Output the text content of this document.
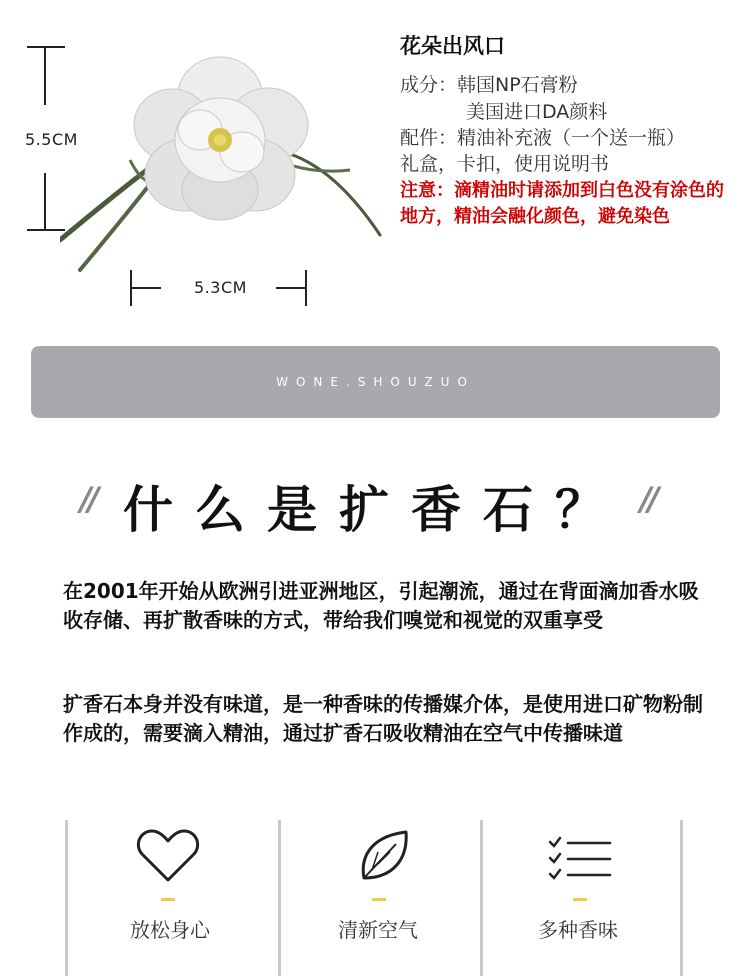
5.5CM
5.3CM
花朵出风口
成分：韩国NP石膏粉
美国进口DA颜料
配件：精油补充液（一个送一瓶）
礼盒，卡扣，使用说明书
注意：滴精油时请添加到白色没有涂色的地方，精油会融化颜色，避免染色
WONE.SHOUZUO
// 什么是扩香石？ //
在2001年开始从欧洲引进亚洲地区，引起潮流，通过在背面滴加香水吸收存储、再扩散香味的方式，带给我们嗅觉和视觉的双重享受
扩香石本身并没有味道，是一种香味的传播媒介体，是使用进口矿物粉制作成的，需要滴入精油，通过扩香石吸收精油在空气中传播味道
放松身心	清新空气	多种香味
